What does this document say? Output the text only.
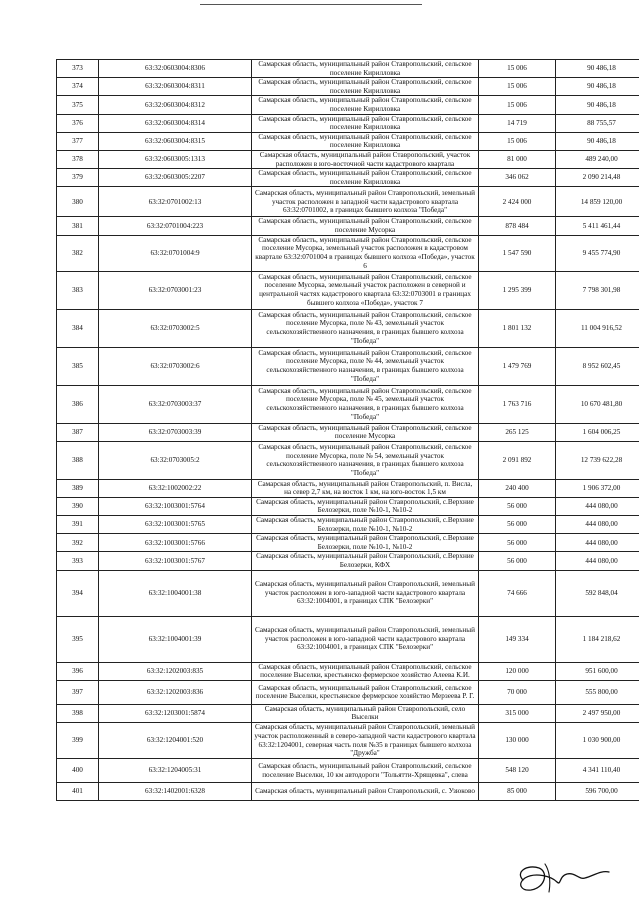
373	63:32:0603004:8306	Самарская область, муниципальный район Ставропольский, сельское поселение Кирилловка	15 006	90 486,18
374	63:32:0603004:8311	Самарская область, муниципальный район Ставропольский, сельское поселение Кирилловка	15 006	90 486,18
375	63:32:0603004:8312	Самарская область, муниципальный район Ставропольский, сельское поселение Кирилловка	15 006	90 486,18
376	63:32:0603004:8314	Самарская область, муниципальный район Ставропольский, сельское поселение Кирилловка	14 719	88 755,57
377	63:32:0603004:8315	Самарская область, муниципальный район Ставропольский, сельское поселение Кирилловка	15 006	90 486,18
378	63:32:0603005:1313	Самарская область, муниципальный район Ставропольский, участок расположен в юго-восточной части кадастрового квартала	81 000	489 240,00
379	63:32:0603005:2207	Самарская область, муниципальный район Ставропольский, сельское поселение Кирилловка	346 062	2 090 214,48
380	63:32:0701002:13	Самарская область, муниципальный район Ставропольский, земельный участок расположен в западной части кадастрового квартала 63:32:0701002, в границах бывшего колхоза "Победа"	2 424 000	14 859 120,00
381	63:32:0701004:223	Самарская область, муниципальный район Ставропольский, сельское поселение Мусорка	878 484	5 411 461,44
382	63:32:0701004:9	Самарская область, муниципальный район Ставропольский, сельское поселение Мусорка, земельный участок расположен в кадастровом квартале 63:32:0701004 в границах бывшего колхоза «Победа», участок 6	1 547 590	9 455 774,90
383	63:32:0703001:23	Самарская область, муниципальный район Ставропольский, сельское поселение Мусорка, земельный участок расположен в северной и центральной частях кадастрового квартала 63:32:0703001 в границах бывшего колхоза «Победа», участок 7	1 295 399	7 798 301,98
384	63:32:0703002:5	Самарская область, муниципальный район Ставропольский, сельское поселение Мусорка, поле № 43, земельный участок сельскохозяйственного назначения, в границах бывшего колхоза "Победа"	1 801 132	11 004 916,52
385	63:32:0703002:6	Самарская область, муниципальный район Ставропольский, сельское поселение Мусорка, поле № 44, земельный участок сельскохозяйственного назначения, в границах бывшего колхоза "Победа"	1 479 769	8 952 602,45
386	63:32:0703003:37	Самарская область, муниципальный район Ставропольский, сельское поселение Мусорка, поле № 45, земельный участок сельскохозяйственного назначения, в границах бывшего колхоза "Победа"	1 763 716	10 670 481,80
387	63:32:0703003:39	Самарская область, муниципальный район Ставропольский, сельское поселение Мусорка	265 125	1 604 006,25
388	63:32:0703005:2	Самарская область, муниципальный район Ставропольский, сельское поселение Мусорка, поле № 54, земельный участок сельскохозяйственного назначения, в границах бывшего колхоза "Победа"	2 091 892	12 739 622,28
389	63:32:1002002:22	Самарская область, муниципальный район Ставропольский, п. Висла, на север 2,7 км, на восток 1 км, на юго-восток 1,5 км	240 400	1 906 372,00
390	63:32:1003001:5764	Самарская область, муниципальный район Ставропольский, с.Верхние Белозерки, поле №10-1, №10-2	56 000	444 080,00
391	63:32:1003001:5765	Самарская область, муниципальный район Ставропольский, с.Верхние Белозерки, поле №10-1, №10-2	56 000	444 080,00
392	63:32:1003001:5766	Самарская область, муниципальный район Ставропольский, с.Верхние Белозерки, поле №10-1, №10-2	56 000	444 080,00
393	63:32:1003001:5767	Самарская область, муниципальный район Ставропольский, с.Верхние Белозерки, КФХ	56 000	444 080,00
394	63:32:1004001:38	Самарская область, муниципальный район Ставропольский, земельный участок расположен в юго-западной части кадастрового квартала 63:32:1004001, в границах СПК "Белозерки"	74 666	592 848,04
395	63:32:1004001:39	Самарская область, муниципальный район Ставропольский, земельный участок расположен в юго-западной части кадастрового квартала 63:32:1004001, в границах СПК "Белозерки"	149 334	1 184 218,62
396	63:32:1202003:835	Самарская область, муниципальный район Ставропольский, сельское поселение Выселки, крестьянско фермерское хозяйство Алеева К.И.	120 000	951 600,00
397	63:32:1202003:836	Самарская область, муниципальный район Ставропольский, сельское поселение Выселки, крестьянское фермерское хозяйство Мерзеева Р. Г.	70 000	555 800,00
398	63:32:1203001:5874	Самарская область, муниципальный район Ставропольский, село Выселки	315 000	2 497 950,00
399	63:32:1204001:520	Самарская область, муниципальный район Ставропольский, земельный участок расположенный в северо-западной части кадастрового квартала 63:32:1204001, северная часть поля №35 в границах бывшего колхоза "Дружба"	130 000	1 030 900,00
400	63:32:1204005:31	Самарская область, муниципальный район Ставропольский, сельское поселение Выселки, 10 км автодороги "Тольятти-Хрящевка", слева	548 120	4 341 110,40
401	63:32:1402001:6328	Самарская область, муниципальный район Ставропольский, с. Узюково	85 000	596 700,00
